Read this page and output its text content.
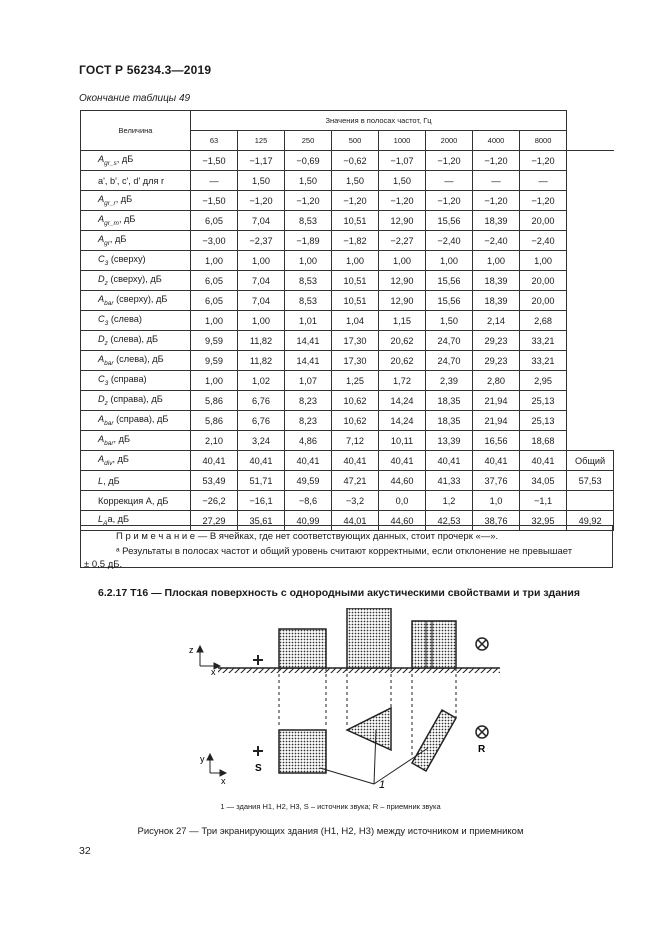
ГОСТ Р 56234.3—2019
Окончание таблицы 49
Величина	Значения в полосах частот, Гц								
	63	125	250	500	1000	2000	4000	8000	
$A_{gr\_s}$, дБ	−1,50	−1,17	−0,69	−0,62	−1,07	−1,20	−1,20	−1,20	
a', b', c', d' для r	—	1,50	1,50	1,50	1,50	—	—	—	
$A_{gr\_r}$, дБ	−1,50	−1,20	−1,20	−1,20	−1,20	−1,20	−1,20	−1,20	
$A_{gr\_m}$, дБ	6,05	7,04	8,53	10,51	12,90	15,56	18,39	20,00	
$A_{gr}$, дБ	−3,00	−2,37	−1,89	−1,82	−2,27	−2,40	−2,40	−2,40	
$C_3$ (сверху)	1,00	1,00	1,00	1,00	1,00	1,00	1,00	1,00	
$D_z$ (сверху), дБ	6,05	7,04	8,53	10,51	12,90	15,56	18,39	20,00	
$A_{bar}$ (сверху), дБ	6,05	7,04	8,53	10,51	12,90	15,56	18,39	20,00	
$C_3$ (слева)	1,00	1,00	1,01	1,04	1,15	1,50	2,14	2,68	
$D_z$ (слева), дБ	9,59	11,82	14,41	17,30	20,62	24,70	29,23	33,21	
$A_{bar}$ (слева), дБ	9,59	11,82	14,41	17,30	20,62	24,70	29,23	33,21	
$C_3$ (справа)	1,00	1,02	1,07	1,25	1,72	2,39	2,80	2,95	
$D_z$ (справа), дБ	5,86	6,76	8,23	10,62	14,24	18,35	21,94	25,13	
$A_{bar}$ (справа), дБ	5,86	6,76	8,23	10,62	14,24	18,35	21,94	25,13	
$A_{bar}$, дБ	2,10	3,24	4,86	7,12	10,11	13,39	16,56	18,68	
$A_{div}$, дБ	40,41	40,41	40,41	40,41	40,41	40,41	40,41	40,41	Общий
L, дБ	53,49	51,71	49,59	47,21	44,60	41,33	37,76	34,05	57,53
Коррекция А, дБ	−26,2	−16,1	−8,6	−3,2	0,0	1,2	1,0	−1,1	
$L_Aa$, дБ	27,29	35,61	40,99	44,01	44,60	42,53	38,76	32,95	49,92
П р и м е ч а н и е — В ячейках, где нет соответствующих данных, стоит прочерк «—».
ᵃ Результаты в полосах частот и общий уровень считают корректными, если отклонение не превышает
± 0,5 дБ.
6.2.17 T16 — Плоская поверхность с однородными акустическими свойствами и три здания
1
S
R
z
x
y
x
1 — здания H1, H2, H3, S – источник звука; R – приемник звука
Рисунок 27 — Три экранирующих здания (H1, H2, H3) между источником и приемником
32
